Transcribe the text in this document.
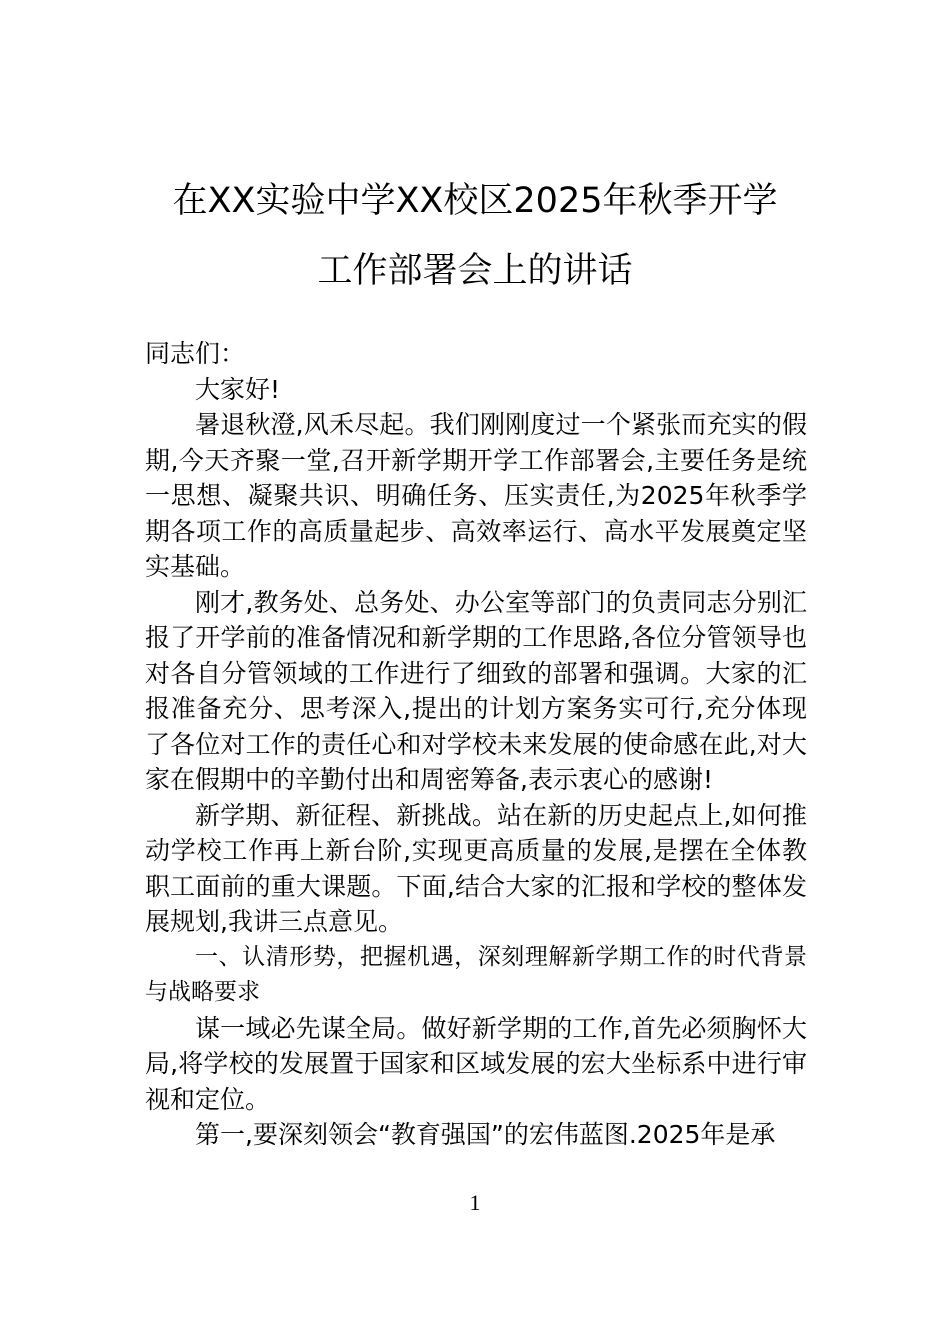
在XX实验中学XX校区2025年秋季开学
工作部署会上的讲话

同志们：

大家好!

暑退秋澄,风禾尽起。我们刚刚度过一个紧张而充实的假期,今天齐聚一堂,召开新学期开学工作部署会,主要任务是统一思想、凝聚共识、明确任务、压实责任,为2025年秋季学期各项工作的高质量起步、高效率运行、高水平发展奠定坚实基础。

刚才,教务处、总务处、办公室等部门的负责同志分别汇报了开学前的准备情况和新学期的工作思路,各位分管领导也对各自分管领域的工作进行了细致的部署和强调。大家的汇报准备充分、思考深入,提出的计划方案务实可行,充分体现了各位对工作的责任心和对学校未来发展的使命感在此,对大家在假期中的辛勤付出和周密筹备,表示衷心的感谢!

新学期、新征程、新挑战。站在新的历史起点上,如何推动学校工作再上新台阶,实现更高质量的发展,是摆在全体教职工面前的重大课题。下面,结合大家的汇报和学校的整体发展规划,我讲三点意见。

一、认清形势，把握机遇，深刻理解新学期工作的时代背景与战略要求

谋一域必先谋全局。做好新学期的工作,首先必须胸怀大局,将学校的发展置于国家和区域发展的宏大坐标系中进行审视和定位。

第一,要深刻领会“教育强国”的宏伟蓝图.2025年是承

1
